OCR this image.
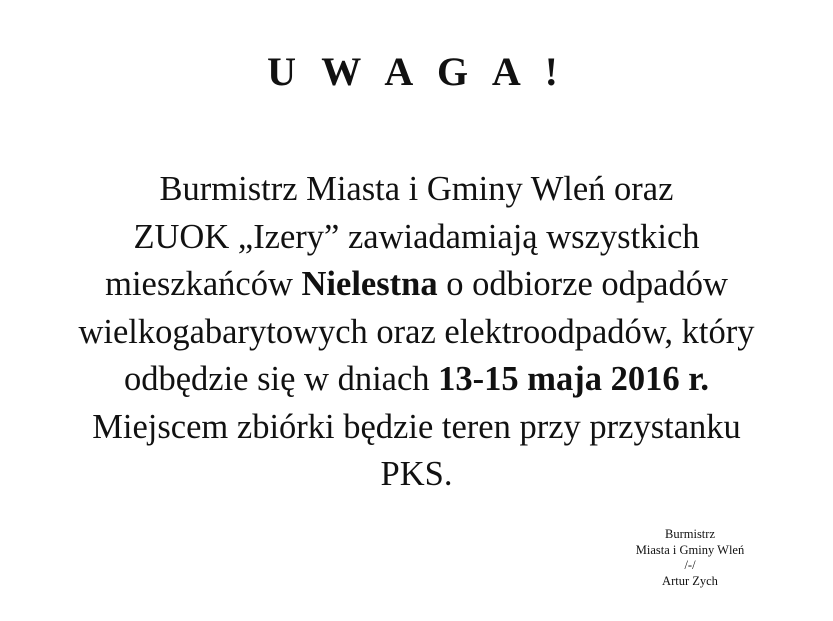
U W A G A !
Burmistrz Miasta i Gminy Wleń oraz
ZUOK „Izery” zawiadamiają wszystkich
mieszkańców Nielestna o odbiorze odpadów
wielkogabarytowych oraz elektroodpadów, który
odbędzie się w dniach 13-15 maja 2016 r.
Miejscem zbiórki będzie teren przy przystanku
PKS.
Burmistrz
Miasta i Gminy Wleń
/-/
Artur Zych
